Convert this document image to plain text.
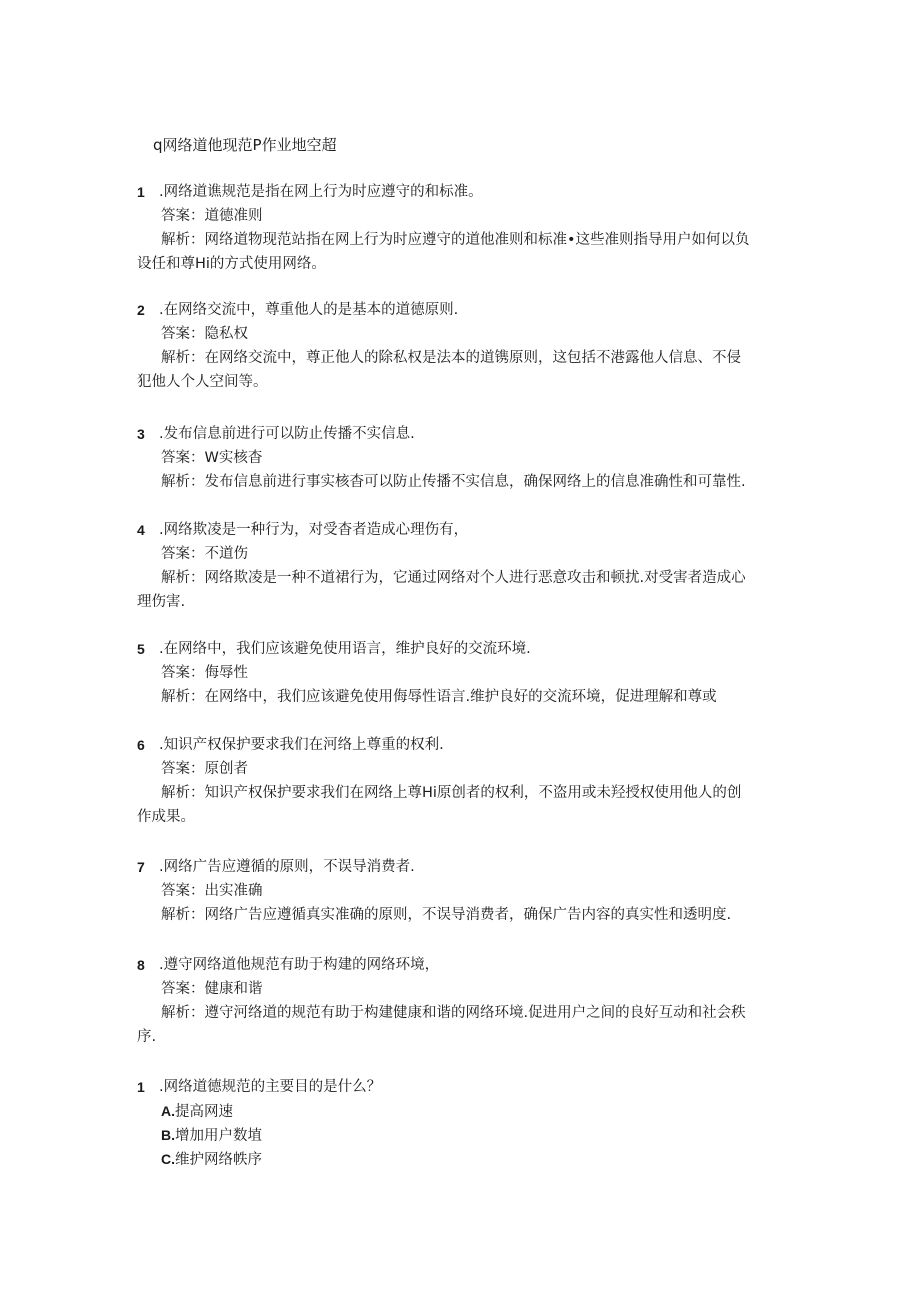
q网络道他现范P作业地空超
1 .网络道谯规范是指在网上行为时应遵守的和标准。
答案：道德准则
解析：网络道物现范站指在网上行为时应遵守的道他准则和标准•这些准则指导用户如何以负
设任和尊Hi的方式使用网络。
2 .在网络交流中，尊重他人的是基本的道德原则.
答案：隐私权
解析：在网络交流中，尊正他人的除私权是法本的道镌原则，这包括不港露他人信息、不侵
犯他人个人空间等。
3 .发布信息前进行可以防止传播不实信息.
答案：W实核杳
解析：发布信息前进行事实核杳可以防止传播不实信息，确保网络上的信息准确性和可靠性.
4 .网络欺凌是一种行为，对受杳者造成心理伤有，
答案：不道伤
解析：网络欺凌是一种不道裙行为，它通过网络对个人进行恶意攻击和顿扰.对受害者造成心
理伤害.
5 .在网络中，我们应该避免使用语言，维护良好的交流环境.
答案：侮辱性
解析：在网络中，我们应该避免使用侮辱性语言.维护良好的交流环境，促进理解和尊或
6 .知识产权保护要求我们在河络上尊重的权利.
答案：原创者
解析：知识产权保护要求我们在网络上尊Hi原创者的权利，不盗用或未羟授权使用他人的创
作成果。
7 .网络广告应遵循的原则，不误导消费者.
答案：出实准确
解析：网络广告应遵循真实准确的原则，不误导消费者，确保广告内容的真实性和透明度.
8 .遵守网络道他规范有助于构建的网络环境，
答案：健康和谐
解析：遵守河络道的规范有助于构建健康和谐的网络环境.促进用户之间的良好互动和社会秩
序.
1 .网络道德规范的主要目的是什么？
A.提高网速
B.增加用户数埴
C.维护网络帙序
